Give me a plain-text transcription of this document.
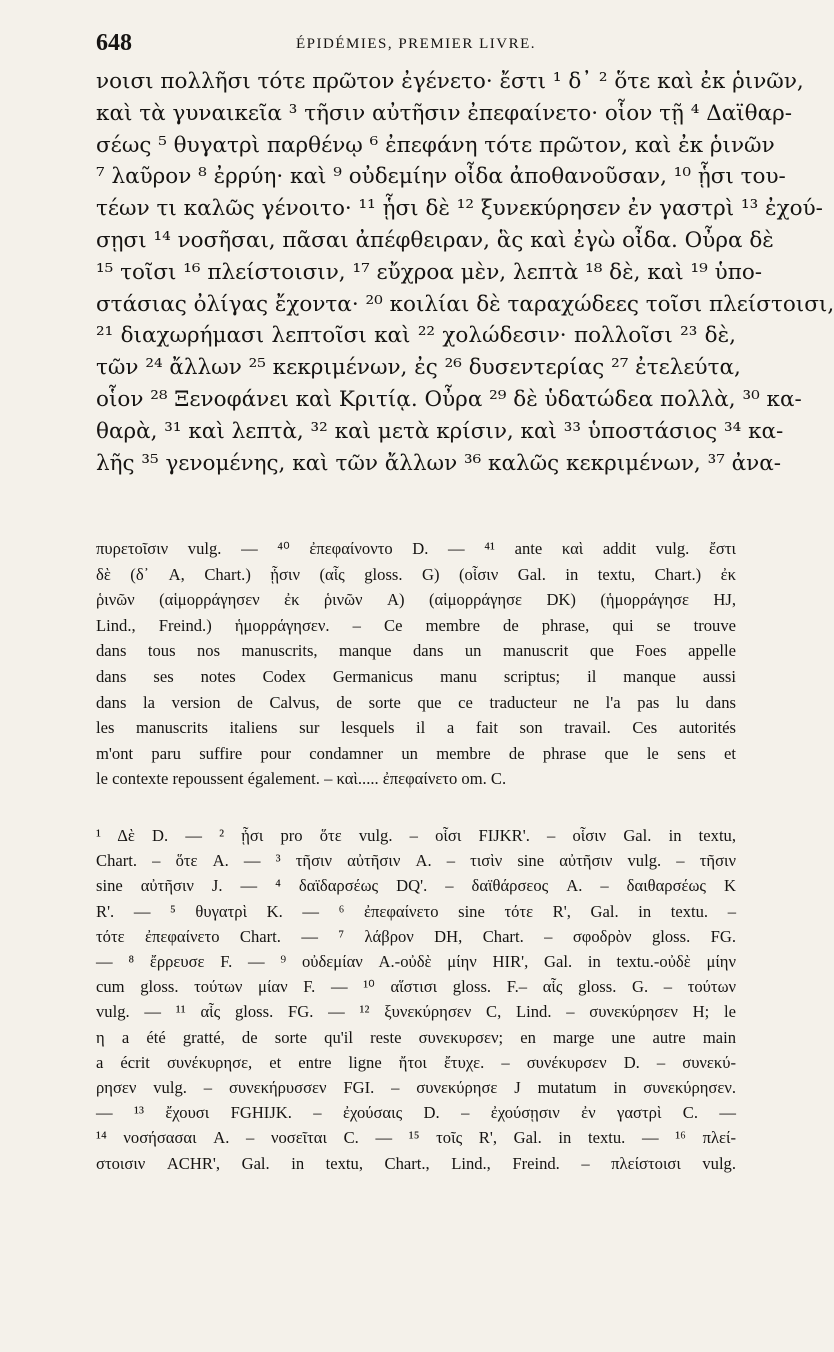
648	ÉPIDÉMIES, PREMIER LIVRE.
νοισι πολλῆσι τότε πρῶτον ἐγένετο· ἔστι ¹ δ᾽ ² ὅτε καὶ ἐκ ῥινῶν,
καὶ τὰ γυναικεῖα ³ τῆσιν αὐτῆσιν ἐπεφαίνετο· οἷον τῇ ⁴ Δαϊθαρ-
σέως ⁵ θυγατρὶ παρθένῳ ⁶ ἐπεφάνη τότε πρῶτον, καὶ ἐκ ῥινῶν
⁷ λαῦρον ⁸ ἐρρύη· καὶ ⁹ οὐδεμίην οἶδα ἀποθανοῦσαν, ¹⁰ ᾗσι του-
τέων τι καλῶς γένοιτο· ¹¹ ᾗσι δὲ ¹² ξυνεκύρησεν ἐν γαστρὶ ¹³ ἐχού-
σῃσι ¹⁴ νοσῆσαι, πᾶσαι ἀπέφθειραν, ἃς καὶ ἐγὼ οἶδα. Οὖρα δὲ
¹⁵ τοῖσι ¹⁶ πλείστοισιν, ¹⁷ εὔχροα μὲν, λεπτὰ ¹⁸ δὲ, καὶ ¹⁹ ὑπο-
στάσιας ὀλίγας ἔχοντα· ²⁰ κοιλίαι δὲ ταραχώδεες τοῖσι πλείστοισι,
²¹ διαχωρήμασι λεπτοῖσι καὶ ²² χολώδεσιν· πολλοῖσι ²³ δὲ,
τῶν ²⁴ ἄλλων ²⁵ κεκριμένων, ἐς ²⁶ δυσεντερίας ²⁷ ἐτελεύτα,
οἷον ²⁸ Ξενοφάνει καὶ Κριτίᾳ. Οὖρα ²⁹ δὲ ὑδατώδεα πολλὰ, ³⁰ κα-
θαρὰ, ³¹ καὶ λεπτὰ, ³² καὶ μετὰ κρίσιν, καὶ ³³ ὑποστάσιος ³⁴ κα-
λῆς ³⁵ γενομένης, καὶ τῶν ἄλλων ³⁶ καλῶς κεκριμένων, ³⁷ ἀνα-
πυρετοῖσιν vulg. — ⁴⁰ ἐπεφαίνοντο D. — ⁴¹ ante καὶ addit vulg. ἔστι
δὲ (δ᾽ A, Chart.) ᾗσιν (αἷς gloss. G) (οἷσιν Gal. in textu, Chart.) ἐκ
ῥινῶν (αἱμορράγησεν ἐκ ῥινῶν A) (αἱμορράγησε DK) (ἡμορράγησε HJ,
Lind., Freind.) ἡμορράγησεν. – Ce membre de phrase, qui se trouve
dans tous nos manuscrits, manque dans un manuscrit que Foes appelle
dans ses notes Codex Germanicus manu scriptus; il manque aussi
dans la version de Calvus, de sorte que ce traducteur ne l'a pas lu dans
les manuscrits italiens sur lesquels il a fait son travail. Ces autorités
m'ont paru suffire pour condamner un membre de phrase que le sens et
le contexte repoussent également. – καὶ..... ἐπεφαίνετο om. C.
¹ Δὲ D. — ² ᾗσι pro ὅτε vulg. – οἷσι FIJKR'. – οἷσιν Gal. in textu,
Chart. – ὅτε A. — ³ τῆσιν αὐτῆσιν A. – τισὶν sine αὐτῆσιν vulg. – τῆσιν
sine αὐτῆσιν J. — ⁴ δαϊδαρσέως DQ'. – δαϊθάρσεος A. – δαιθαρσέως K
R'. — ⁵ θυγατρὶ K. — ⁶ ἐπεφαίνετο sine τότε R', Gal. in textu. –
τότε ἐπεφαίνετο Chart. — ⁷ λάβρον DH, Chart. – σφοδρὸν gloss. FG.
— ⁸ ἔρρευσε F. — ⁹ οὐδεμίαν A.-οὐδὲ μίην HIR', Gal. in textu.-οὐδὲ μίην
cum gloss. τούτων μίαν F. — ¹⁰ αἵστισι gloss. F.– αἷς gloss. G. – τούτων
vulg. — ¹¹ αἷς gloss. FG. — ¹² ξυνεκύρησεν C, Lind. – συνεκύρησεν H; le
η a été gratté, de sorte qu'il reste συνεκυρσεν; en marge une autre main
a écrit συνέκυρησε, et entre ligne ἤτοι ἔτυχε. – συνέκυρσεν D. – συνεκύ-
ρησεν vulg. – συνεκήρυσσεν FGI. – συνεκύρησε J mutatum in συνεκύρησεν.
— ¹³ ἔχουσι FGHIJK. – ἐχούσαις D. – ἐχούσῃσιν ἐν γαστρὶ C. —
¹⁴ νοσήσασαι A. – νοσεῖται C. — ¹⁵ τοῖς R', Gal. in textu. — ¹⁶ πλεί-
στοισιν ACHR', Gal. in textu, Chart., Lind., Freind. – πλείστοισι vulg.
